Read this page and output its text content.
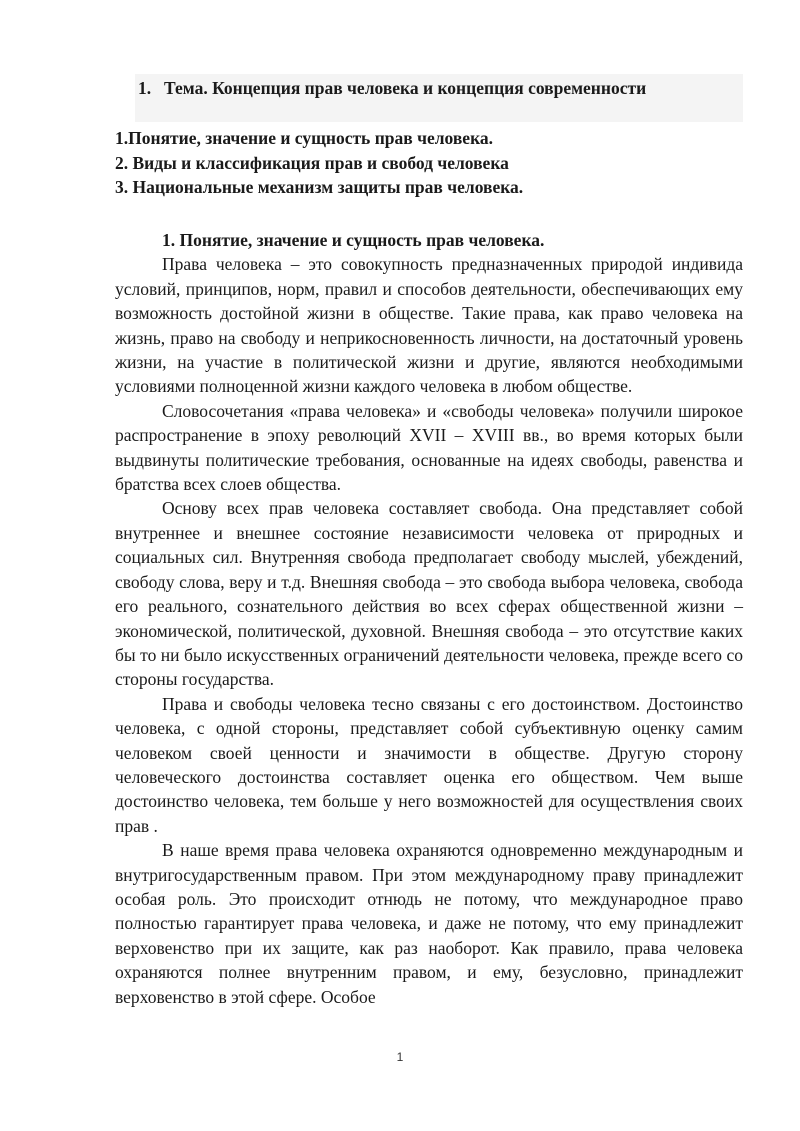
1. Тема. Концепция прав человека и концепция современности
1.Понятие, значение и сущность прав человека.
2. Виды и классификация прав и свобод человека
3. Национальные механизм защиты прав человека.

1. Понятие, значение и сущность прав человека.

Права человека – это совокупность предназначенных природой индивида условий, принципов, норм, правил и способов деятельности, обеспечивающих ему возможность достойной жизни в обществе. Такие права, как право человека на жизнь, право на свободу и неприкосновенность личности, на достаточный уровень жизни, на участие в политической жизни и другие, являются необходимыми условиями полноценной жизни каждого человека в любом обществе.

Словосочетания «права человека» и «свободы человека» получили широкое распространение в эпоху революций XVII – XVIII вв., во время которых были выдвинуты политические требования, основанные на идеях свободы, равенства и братства всех слоев общества.

Основу всех прав человека составляет свобода. Она представляет собой внутреннее и внешнее состояние независимости человека от природных и социальных сил. Внутренняя свобода предполагает свободу мыслей, убеждений, свободу слова, веру и т.д. Внешняя свобода – это свобода выбора человека, свобода его реального, сознательного действия во всех сферах общественной жизни – экономической, политической, духовной. Внешняя свобода – это отсутствие каких бы то ни было искусственных ограничений деятельности человека, прежде всего со стороны государства.

Права и свободы человека тесно связаны с его достоинством. Достоинство человека, с одной стороны, представляет собой субъективную оценку самим человеком своей ценности и значимости в обществе. Другую сторону человеческого достоинства составляет оценка его обществом. Чем выше достоинство человека, тем больше у него возможностей для осуществления своих прав .

В наше время права человека охраняются одновременно международным и внутригосударственным правом. При этом международному праву принадлежит особая роль. Это происходит отнюдь не потому, что международное право полностью гарантирует права человека, и даже не потому, что ему принадлежит верховенство при их защите, как раз наоборот. Как правило, права человека охраняются полнее внутренним правом, и ему, безусловно, принадлежит верховенство в этой сфере. Особое

1
